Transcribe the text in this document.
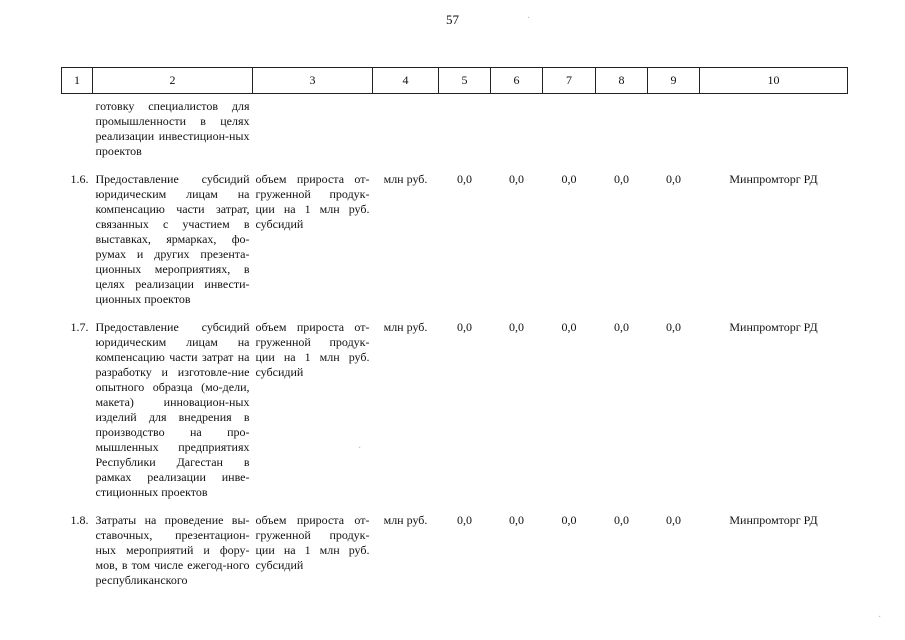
57
1	2	3	4	5	6	7	8	9	10
	готовку специалистов для промышленности в целях реализации инвестицион-ных проектов								

1.6.	Предоставление субсидий юридическим лицам на компенсацию части затрат, связанных с участием в выставках, ярмарках, фо-румах и других презента-ционных мероприятиях, в целях реализации инвести-ционных проектов	объем прироста от-груженной продук-ции на 1 млн руб. субсидий	млн руб.	0,0	0,0	0,0	0,0	0,0	Минпромторг РД

1.7.	Предоставление субсидий юридическим лицам на компенсацию части затрат на разработку и изготовле-ние опытного образца (мо-дели, макета) инновацион-ных изделий для внедрения в производство на про-мышленных предприятиях Республики Дагестан в рамках реализации инве-стиционных проектов	объем прироста от-груженной продук-ции на 1 млн руб. субсидий	млн руб.	0,0	0,0	0,0	0,0	0,0	Минпромторг РД

1.8.	Затраты на проведение вы-ставочных, презентацион-ных мероприятий и фору-мов, в том числе ежегод-ного республиканского	объем прироста от-груженной продук-ции на 1 млн руб. субсидий	млн руб.	0,0	0,0	0,0	0,0	0,0	Минпромторг РД
·
·
·
